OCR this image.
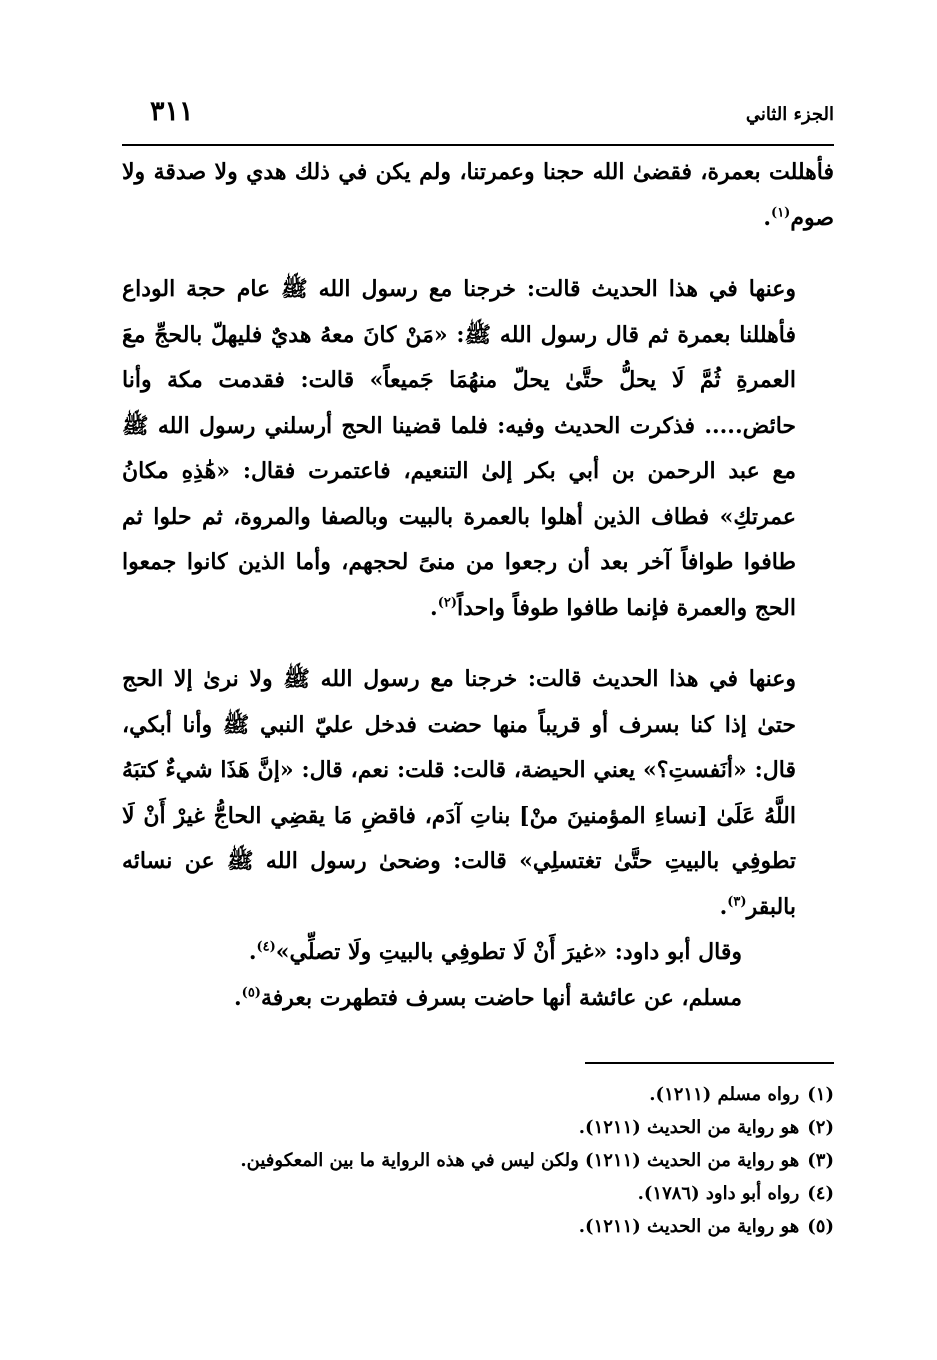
٣١١	الجزء الثاني

فأهللت بعمرة، فقضىٰ الله حجنا وعمرتنا، ولم يكن في ذلك هدي ولا صدقة ولا صوم$^{(١)}$.

وعنها في هذا الحديث قالت: خرجنا مع رسول الله ﷺ عام حجة الوداع فأهللنا بعمرة ثم قال رسول الله ﷺ: «مَنْ كانَ معهُ هديٌ فليهلّ بالحجِّ معَ العمرةِ ثُمَّ لَا يحلُّ حتَّىٰ يحلّ منهُمَا جَميعاً» قالت: فقدمت مكة وأنا حائض..... فذكرت الحديث وفيه: فلما قضينا الحج أرسلني رسول الله ﷺ مع عبد الرحمن بن أبي بكر إلىٰ التنعيم، فاعتمرت فقال: «هَٰذِهِ مكانُ عمرتكِ» فطاف الذين أهلوا بالعمرة بالبيت وبالصفا والمروة، ثم حلوا ثم طافوا طوافاً آخر بعد أن رجعوا من منىً لحجهم، وأما الذين كانوا جمعوا الحج والعمرة فإنما طافوا طوفاً واحداً$^{(٢)}$.

وعنها في هذا الحديث قالت: خرجنا مع رسول الله ﷺ ولا نرىٰ إلا الحج حتىٰ إذا كنا بسرف أو قريباً منها حضت فدخل عليّ النبي ﷺ وأنا أبكي، قال: «أنَفستِ؟» يعني الحيضة، قالت: قلت: نعم، قال: «إنَّ هَذَا شيءٌ كتبَهُ اللَّهُ عَلَىٰ [نساءِ المؤمنينَ منْ] بناتِ آدَم، فاقضِ مَا يقضِي الحاجُّ غيرْ أَنْ لَا تطوفِي بالبيتِ حتَّىٰ تغتسلِي» قالت: وضحىٰ رسول الله ﷺ عن نسائه بالبقر$^{(٣)}$.

وقال أبو داود: «غيرَ أَنْ لَا تطوفِي بالبيتِ ولَا تصلِّي»$^{(٤)}$.

مسلم، عن عائشة أنها حاضت بسرف فتطهرت بعرفة$^{(٥)}$.

(١)رواه مسلم (١٢١١).
(٢)هو رواية من الحديث (١٢١١).
(٣)هو رواية من الحديث (١٢١١) ولكن ليس في هذه الرواية ما بين المعكوفين.
(٤)رواه أبو داود (١٧٨٦).
(٥)هو رواية من الحديث (١٢١١).
